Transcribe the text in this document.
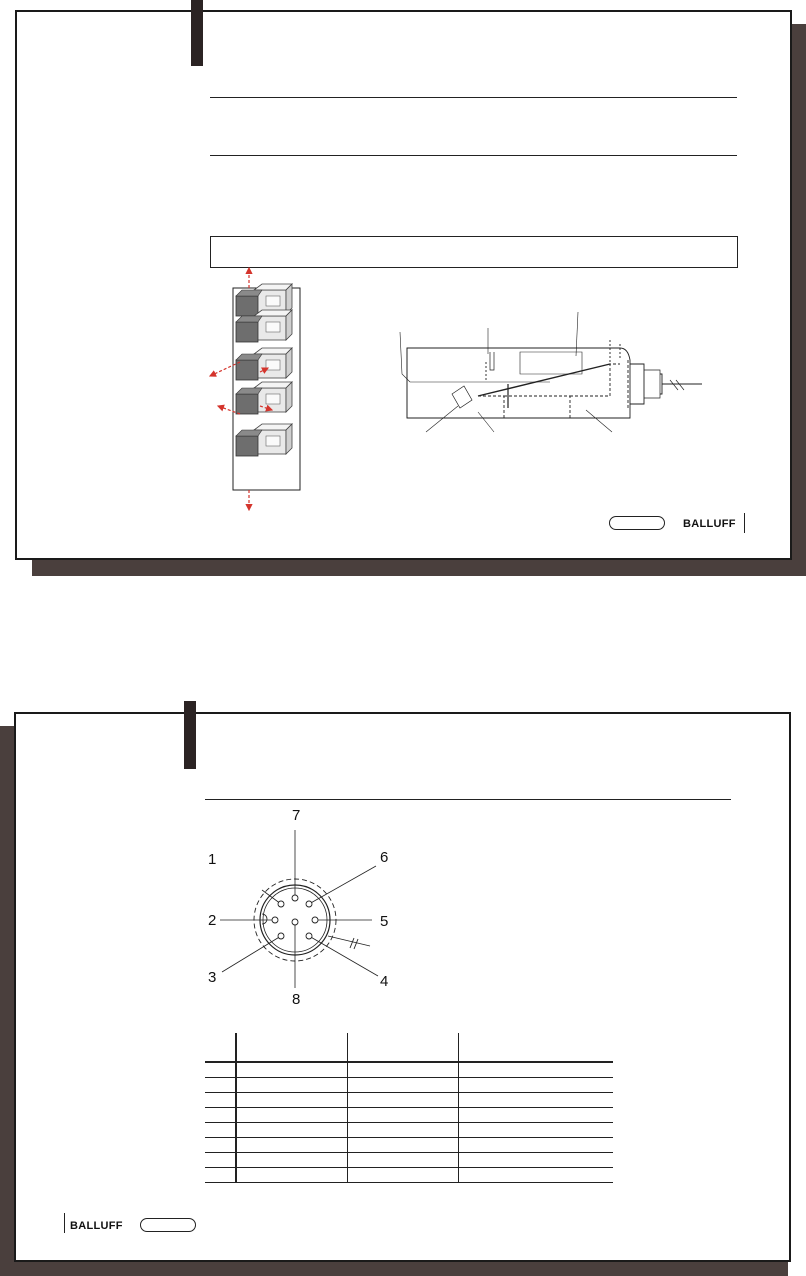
BALLUFF
1
2
3	4
5
6
7
8

BALLUFF
